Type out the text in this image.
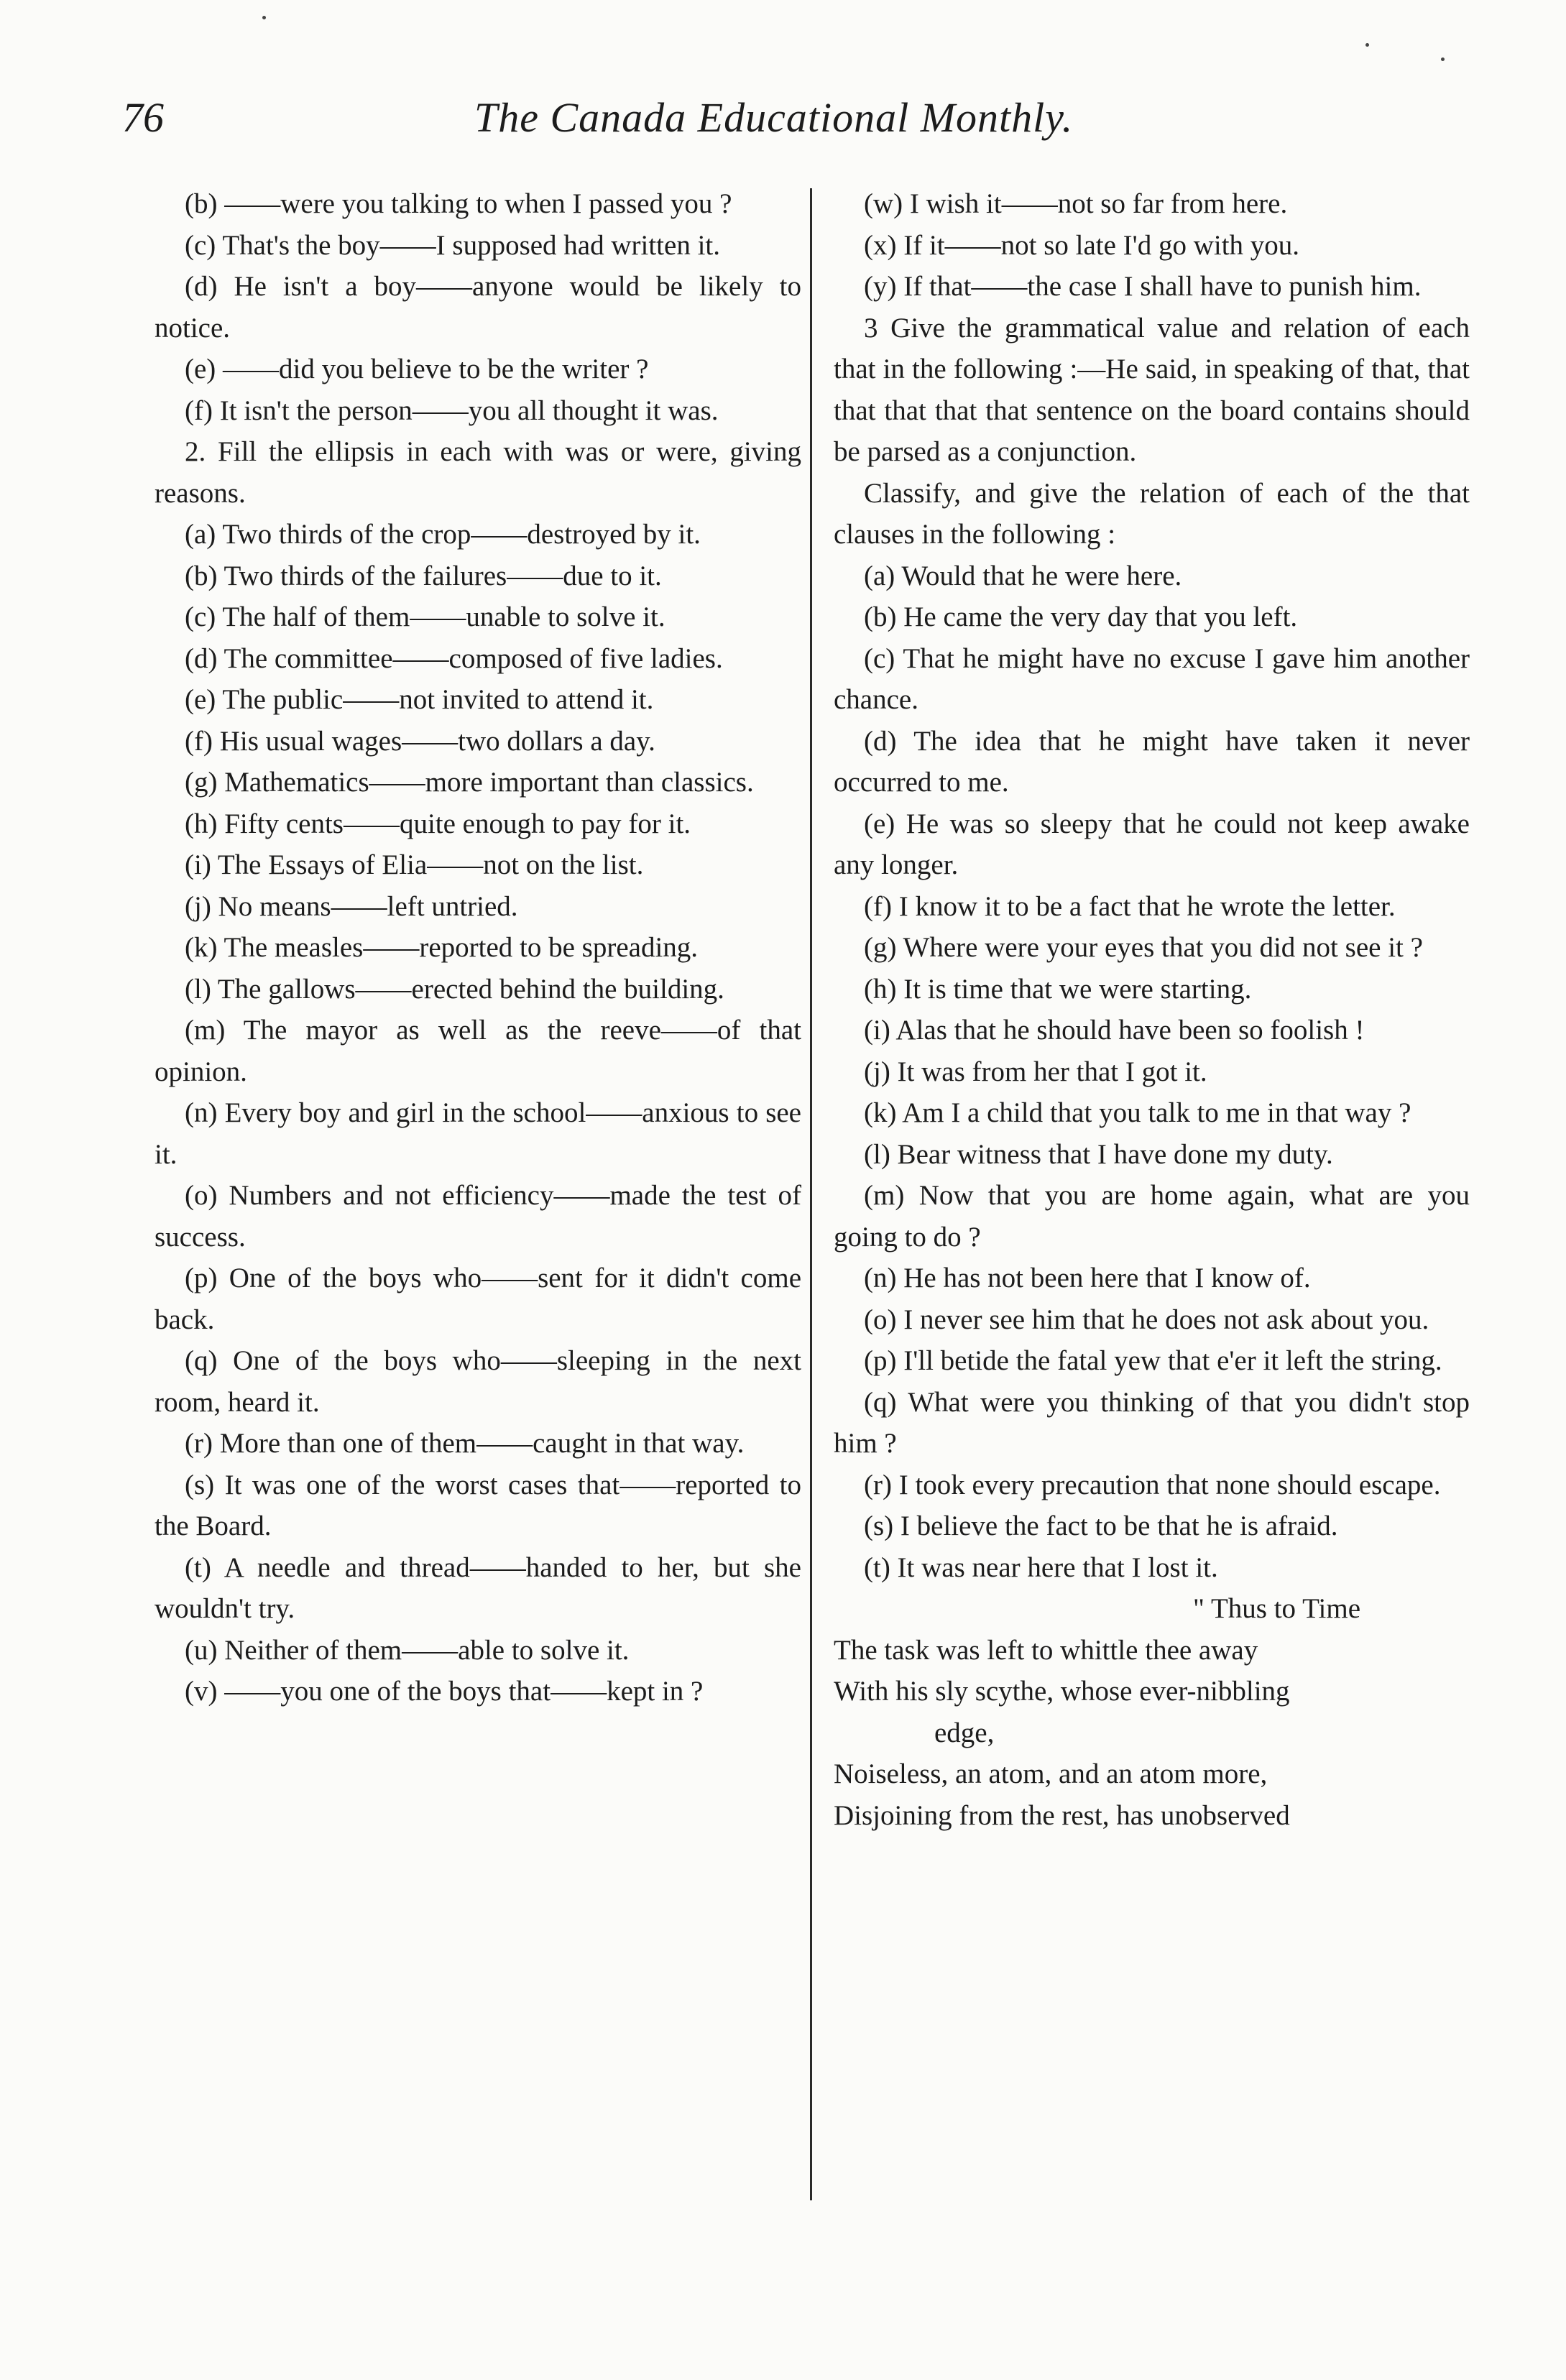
76	The Canada Educational Monthly.

(b) ——were you talking to when I passed you ?

(c) That's the boy——I supposed had written it.

(d) He isn't a boy——anyone would be likely to notice.

(e) ——did you believe to be the writer ?

(f) It isn't the person——you all thought it was.

2. Fill the ellipsis in each with was or were, giving reasons.

(a) Two thirds of the crop——destroyed by it.

(b) Two thirds of the failures——due to it.

(c) The half of them——unable to solve it.

(d) The committee——composed of five ladies.

(e) The public——not invited to attend it.

(f) His usual wages——two dollars a day.

(g) Mathematics——more important than classics.

(h) Fifty cents——quite enough to pay for it.

(i) The Essays of Elia——not on the list.

(j) No means——left untried.

(k) The measles——reported to be spreading.

(l) The gallows——erected behind the building.

(m) The mayor as well as the reeve——of that opinion.

(n) Every boy and girl in the school——anxious to see it.

(o) Numbers and not efficiency——made the test of success.

(p) One of the boys who——sent for it didn't come back.

(q) One of the boys who——sleeping in the next room, heard it.

(r) More than one of them——caught in that way.

(s) It was one of the worst cases that——reported to the Board.

(t) A needle and thread——handed to her, but she wouldn't try.

(u) Neither of them——able to solve it.

(v) ——you one of the boys that——kept in ?

(w) I wish it——not so far from here.

(x) If it——not so late I'd go with you.

(y) If that——the case I shall have to punish him.

3 Give the grammatical value and relation of each that in the following :—He said, in speaking of that, that that that that that sentence on the board contains should be parsed as a conjunction.

Classify, and give the relation of each of the that clauses in the following :

(a) Would that he were here.

(b) He came the very day that you left.

(c) That he might have no excuse I gave him another chance.

(d) The idea that he might have taken it never occurred to me.

(e) He was so sleepy that he could not keep awake any longer.

(f) I know it to be a fact that he wrote the letter.

(g) Where were your eyes that you did not see it ?

(h) It is time that we were starting.

(i) Alas that he should have been so foolish !

(j) It was from her that I got it.

(k) Am I a child that you talk to me in that way ?

(l) Bear witness that I have done my duty.

(m) Now that you are home again, what are you going to do ?

(n) He has not been here that I know of.

(o) I never see him that he does not ask about you.

(p) I'll betide the fatal yew that e'er it left the string.

(q) What were you thinking of that you didn't stop him ?

(r) I took every precaution that none should escape.

(s) I believe the fact to be that he is afraid.

(t) It was near here that I lost it.

" Thus to Time
The task was left to whittle thee away
With his sly scythe, whose ever-nibbling
edge,
Noiseless, an atom, and an atom more,
Disjoining from the rest, has unobserved
